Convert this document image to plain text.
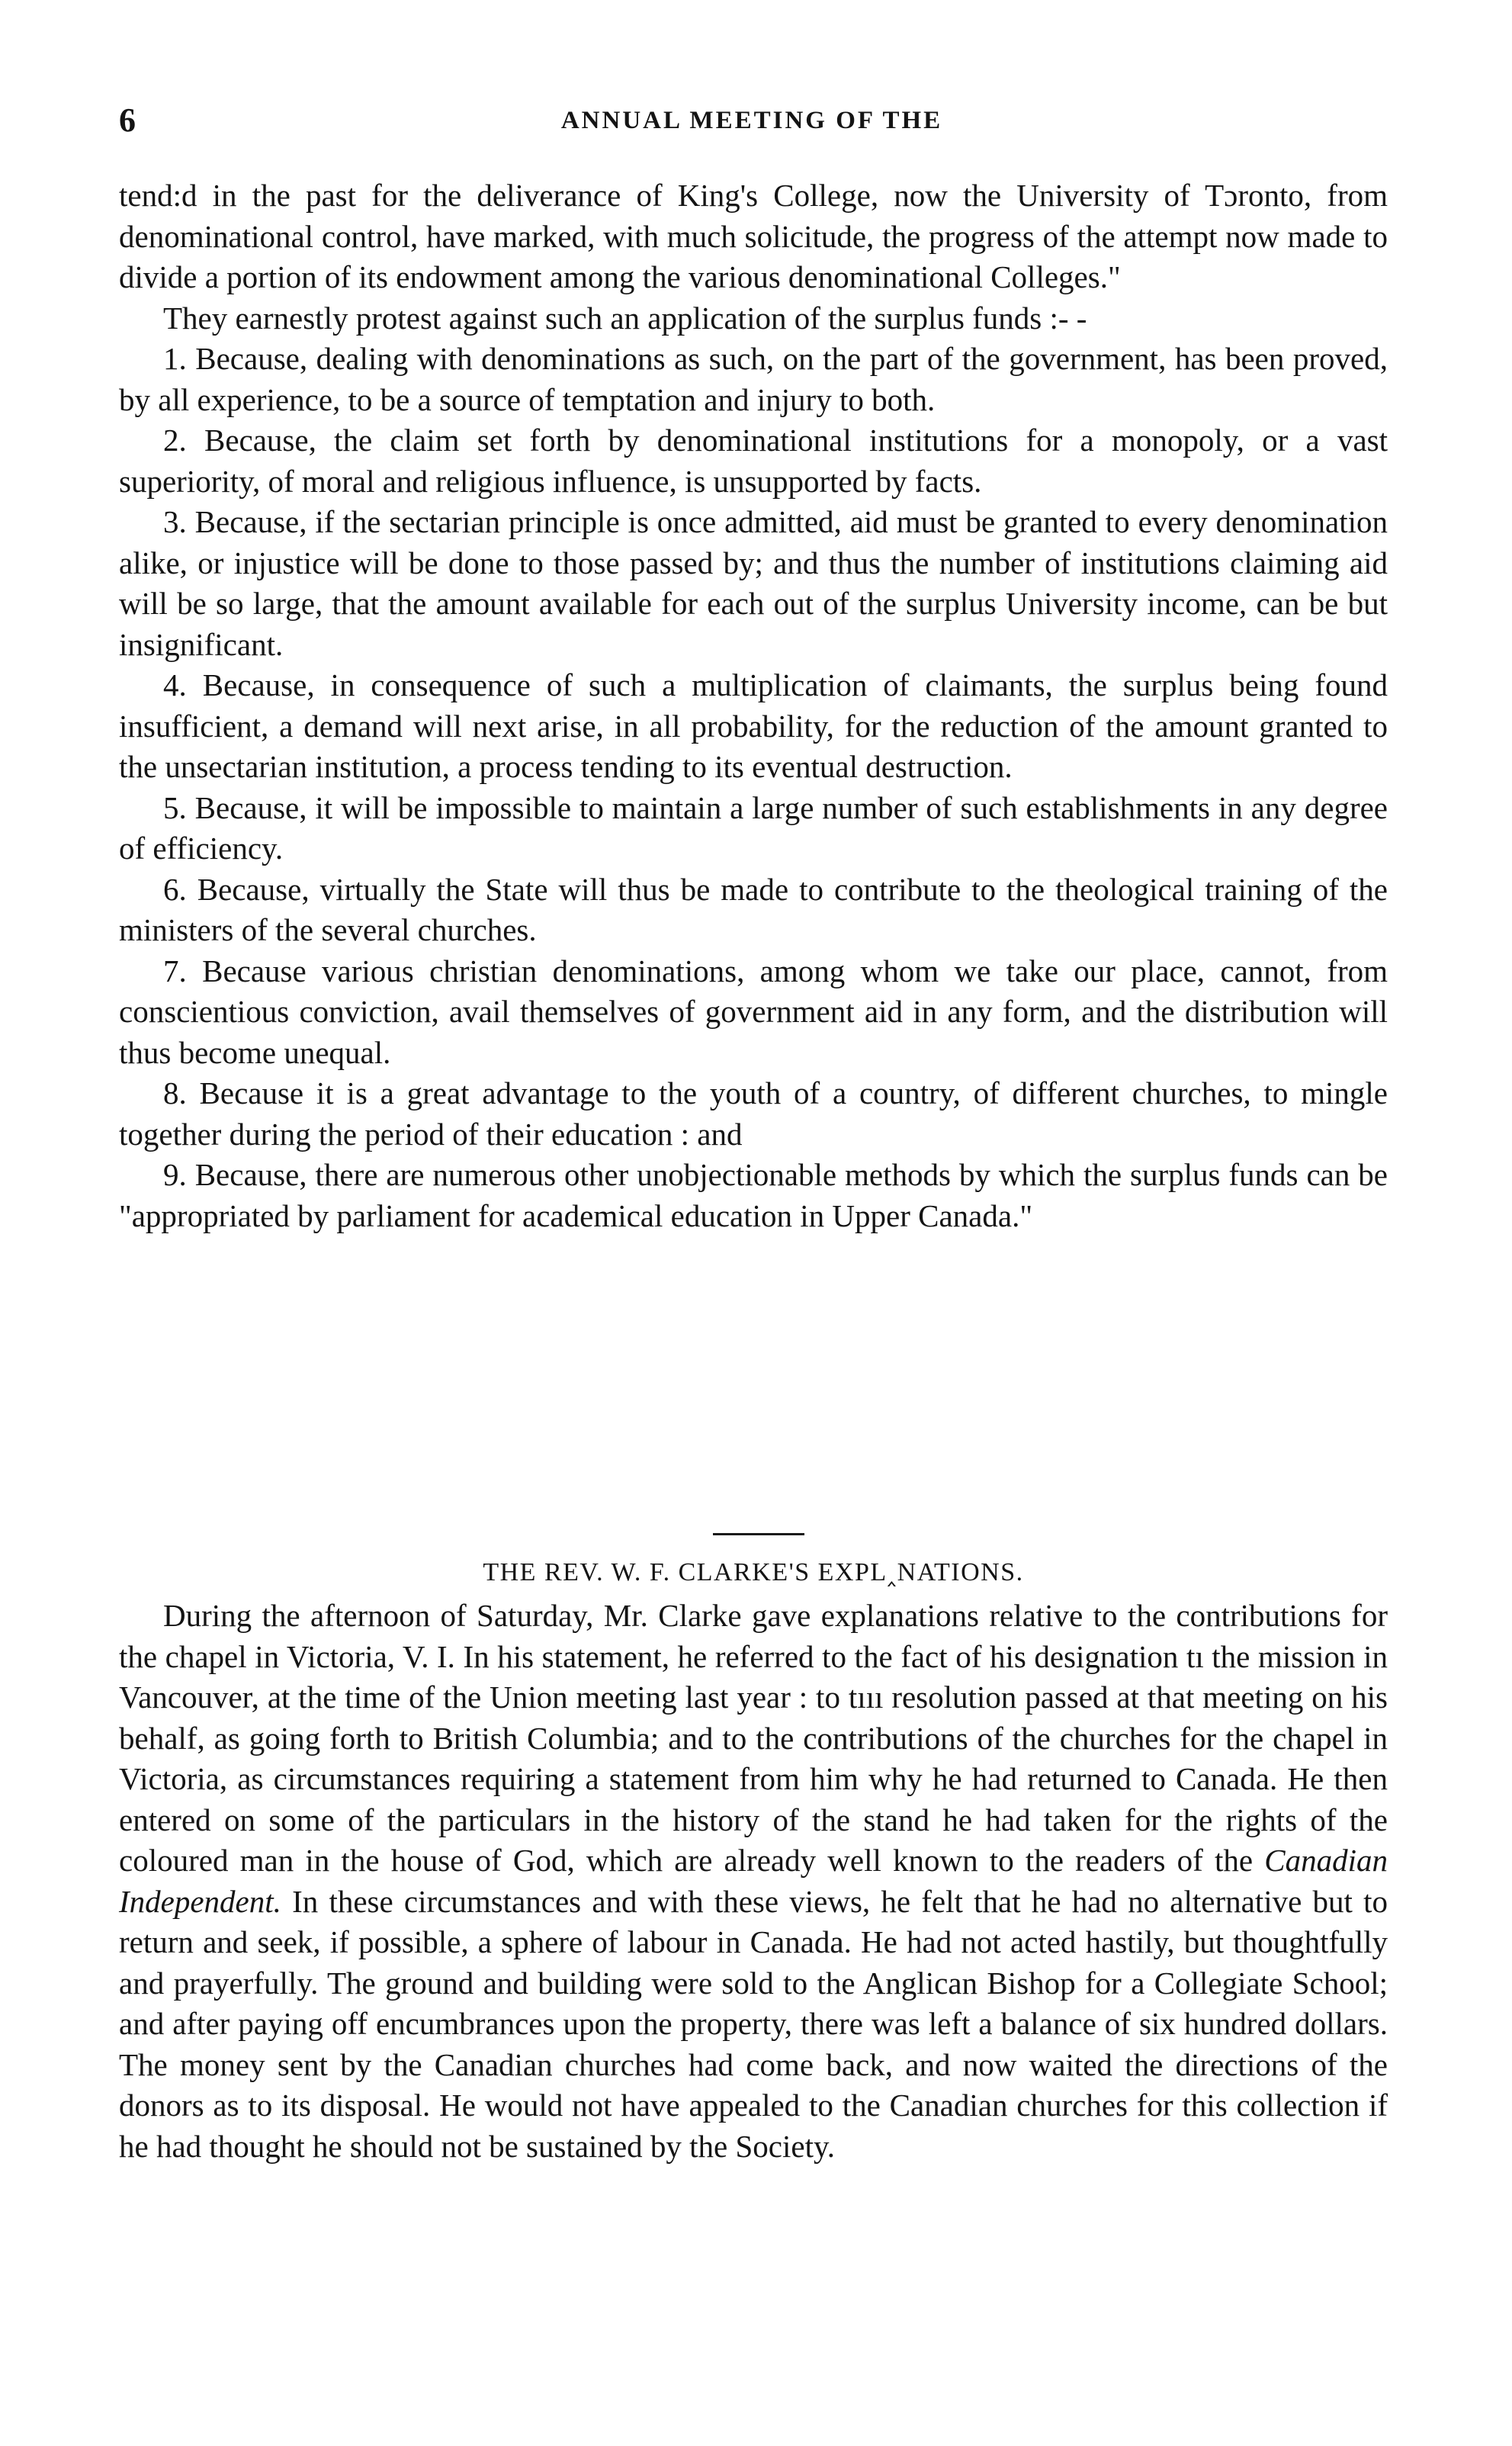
6	ANNUAL MEETING OF THE

tend:d in the past for the deliverance of King's College, now the University of Tɔronto, from denominational control, have marked, with much solicitude, the progress of the attempt now made to divide a portion of its endowment among the various denominational Colleges."

They earnestly protest against such an application of the surplus funds :- -

1. Because, dealing with denominations as such, on the part of the government, has been proved, by all experience, to be a source of temptation and injury to both.

2. Because, the claim set forth by denominational institutions for a monopoly, or a vast superiority, of moral and religious influence, is unsupported by facts.

3. Because, if the sectarian principle is once admitted, aid must be granted to every denomination alike, or injustice will be done to those passed by; and thus the number of institutions claiming aid will be so large, that the amount available for each out of the surplus University income, can be but insignificant.

4. Because, in consequence of such a multiplication of claimants, the surplus being found insufficient, a demand will next arise, in all probability, for the reduction of the amount granted to the unsectarian institution, a process tending to its eventual destruction.

5. Because, it will be impossible to maintain a large number of such establishments in any degree of efficiency.

6. Because, virtually the State will thus be made to contribute to the theological training of the ministers of the several churches.

7. Because various christian denominations, among whom we take our place, cannot, from conscientious conviction, avail themselves of government aid in any form, and the distribution will thus become unequal.

8. Because it is a great advantage to the youth of a country, of different churches, to mingle together during the period of their education : and

9. Because, there are numerous other unobjectionable methods by which the surplus funds can be "appropriated by parliament for academical education in Upper Canada."

THE REV. W. F. CLARKE'S EXPL‸NATIONS.

During the afternoon of Saturday, Mr. Clarke gave explanations relative to the contributions for the chapel in Victoria, V. I. In his statement, he referred to the fact of his designation tı the mission in Vancouver, at the time of the Union meeting last year : to tııı resolution passed at that meeting on his behalf, as going forth to British Columbia; and to the contributions of the churches for the chapel in Victoria, as circumstances requiring a statement from him why he had returned to Canada. He then entered on some of the particulars in the history of the stand he had taken for the rights of the coloured man in the house of God, which are already well known to the readers of the Canadian Independent. In these circumstances and with these views, he felt that he had no alternative but to return and seek, if possible, a sphere of labour in Canada. He had not acted hastily, but thoughtfully and prayerfully. The ground and building were sold to the Anglican Bishop for a Collegiate School; and after paying off encumbrances upon the property, there was left a balance of six hundred dollars. The money sent by the Canadian churches had come back, and now waited the directions of the donors as to its disposal. He would not have appealed to the Canadian churches for this collection if he had thought he should not be sustained by the Society.
